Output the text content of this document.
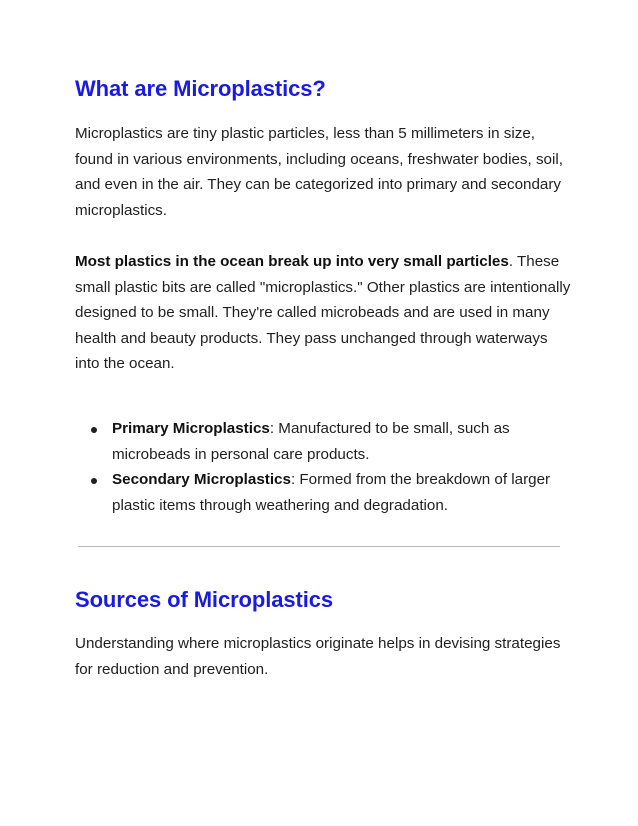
What are Microplastics?

Microplastics are tiny plastic particles, less than 5 millimeters in size, found in various environments, including oceans, freshwater bodies, soil, and even in the air. They can be categorized into primary and secondary microplastics.

Most plastics in the ocean break up into very small particles. These small plastic bits are called "microplastics." Other plastics are intentionally designed to be small. They're called microbeads and are used in many health and beauty products. They pass unchanged through waterways into the ocean.

Primary Microplastics: Manufactured to be small, such as microbeads in personal care products.
Secondary Microplastics: Formed from the breakdown of larger plastic items through weathering and degradation.
Sources of Microplastics

Understanding where microplastics originate helps in devising strategies for reduction and prevention.
